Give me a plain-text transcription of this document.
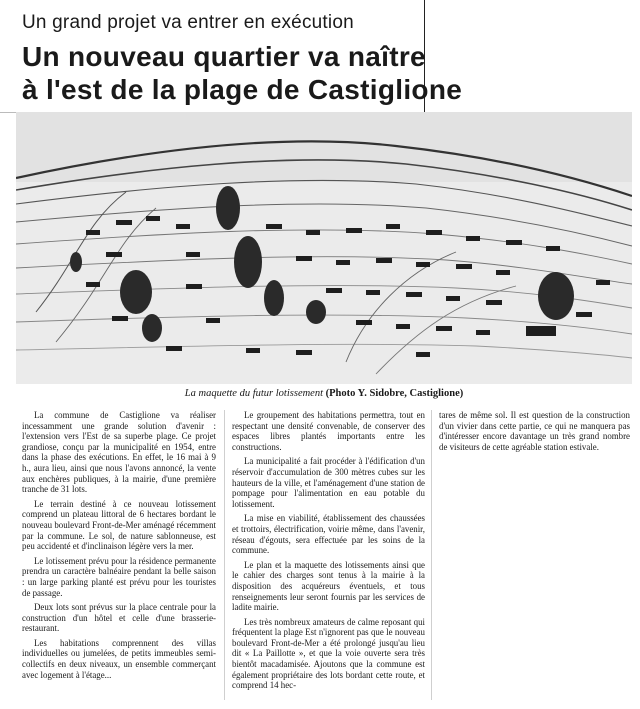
Un grand projet va entrer en exécution
Un nouveau quartier va naître
à l'est de la plage de Castiglione
La maquette du futur lotissement (Photo Y. Sidobre, Castiglione)

La commune de Castiglione va réaliser incessamment une grande solution d'avenir : l'extension vers l'Est de sa superbe plage. Ce projet grandiose, conçu par la municipalité en 1954, entre dans la phase des exécutions. En effet, le 16 mai à 9 h., aura lieu, ainsi que nous l'avons annoncé, la vente aux enchères publiques, à la mairie, d'une première tranche de 31 lots.

Le terrain destiné à ce nouveau lotissement comprend un plateau littoral de 6 hectares bordant le nouveau boulevard Front-de-Mer aménagé récemment par la commune. Le sol, de nature sablonneuse, est peu accidenté et d'inclinaison légère vers la mer.

Le lotissement prévu pour la résidence permanente prendra un caractère balnéaire pendant la belle saison : un large parking planté est prévu pour les touristes de passage.

Deux lots sont prévus sur la place centrale pour la construction d'un hôtel et celle d'une brasserie-restaurant.

Les habitations comprennent des villas individuelles ou jumelées, de petits immeubles semi-collectifs en deux niveaux, un ensemble commerçant avec logement à l'étage...

Le groupement des habitations permettra, tout en respectant une densité convenable, de conserver des espaces libres plantés importants entre les constructions.

La municipalité a fait procéder à l'édification d'un réservoir d'accumulation de 300 mètres cubes sur les hauteurs de la ville, et l'aménagement d'une station de pompage pour l'alimentation en eau potable du lotissement.

La mise en viabilité, établissement des chaussées et trottoirs, électrification, voirie même, dans l'avenir, réseau d'égouts, sera effectuée par les soins de la commune.

Le plan et la maquette des lotissements ainsi que le cahier des charges sont tenus à la mairie à la disposition des acquéreurs éventuels, et tous renseignements leur seront fournis par les services de ladite mairie.

Les très nombreux amateurs de calme reposant qui fréquentent la plage Est n'ignorent pas que le nouveau boulevard Front-de-Mer a été prolongé jusqu'au lieu dit « La Paillotte », et que la voie ouverte sera très bientôt macadamisée. Ajoutons que la commune est également propriétaire des lots bordant cette route, et comprend 14 hec-

tares de même sol. Il est question de la construction d'un vivier dans cette partie, ce qui ne manquera pas d'intéresser encore davantage un très grand nombre de visiteurs de cette agréable station estivale.
